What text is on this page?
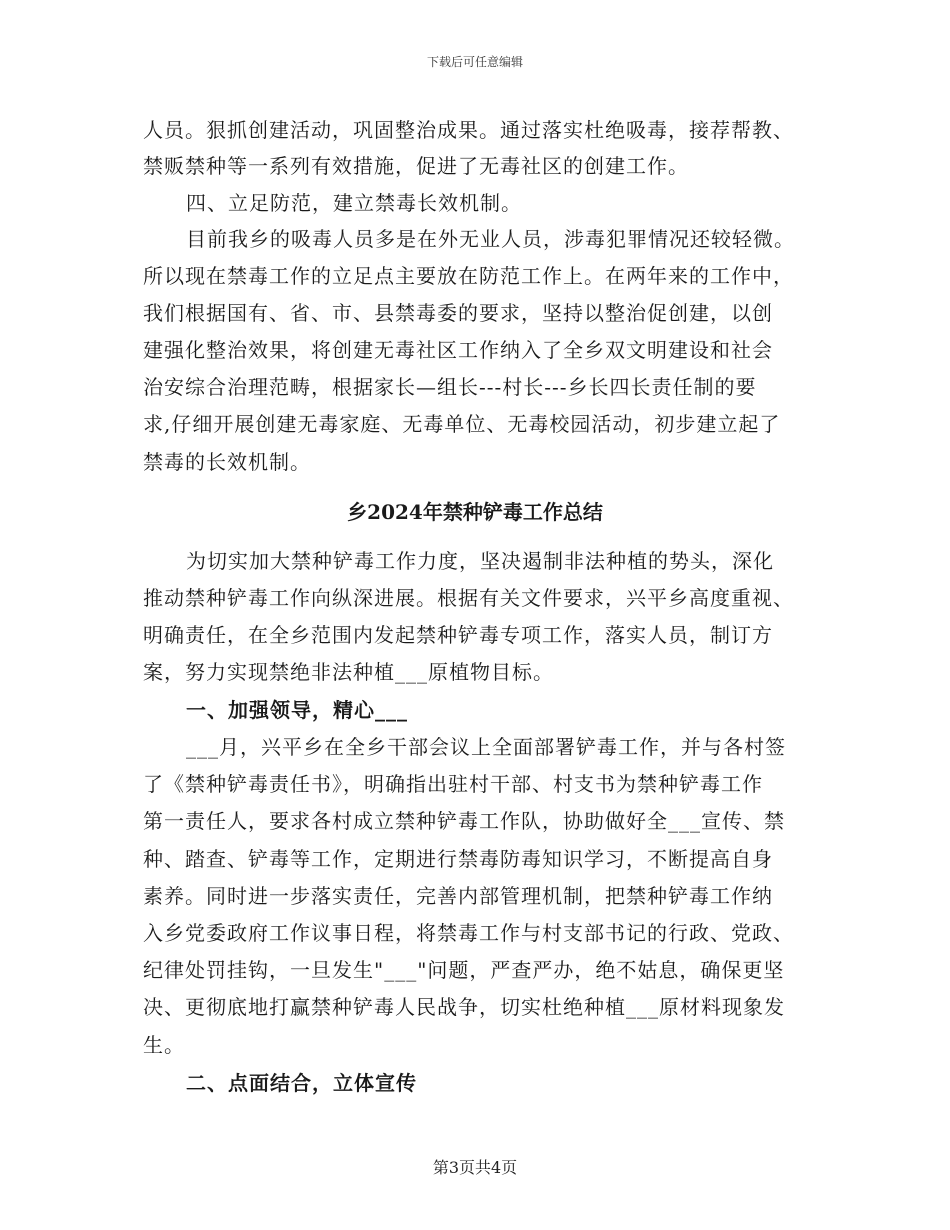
下载后可任意编辑
人员。狠抓创建活动，巩固整治成果。通过落实杜绝吸毒，接荐帮教、
禁贩禁种等一系列有效措施，促进了无毒社区的创建工作。
四、立足防范，建立禁毒长效机制。
目前我乡的吸毒人员多是在外无业人员，涉毒犯罪情况还较轻微。
所以现在禁毒工作的立足点主要放在防范工作上。在两年来的工作中，
我们根据国有、省、市、县禁毒委的要求，坚持以整治促创建，以创
建强化整治效果，将创建无毒社区工作纳入了全乡双文明建设和社会
治安综合治理范畴，根据家长—组长---村长---乡长四长责任制的要
求,仔细开展创建无毒家庭、无毒单位、无毒校园活动，初步建立起了
禁毒的长效机制。
乡2024年禁种铲毒工作总结
为切实加大禁种铲毒工作力度，坚决遏制非法种植的势头，深化
推动禁种铲毒工作向纵深进展。根据有关文件要求，兴平乡高度重视、
明确责任，在全乡范围内发起禁种铲毒专项工作，落实人员，制订方
案，努力实现禁绝非法种植___原植物目标。
一、加强领导，精心___
___月，兴平乡在全乡干部会议上全面部署铲毒工作，并与各村签
了《禁种铲毒责任书》，明确指出驻村干部、村支书为禁种铲毒工作
第一责任人，要求各村成立禁种铲毒工作队，协助做好全___宣传、禁
种、踏查、铲毒等工作，定期进行禁毒防毒知识学习，不断提高自身
素养。同时进一步落实责任，完善内部管理机制，把禁种铲毒工作纳
入乡党委政府工作议事日程，将禁毒工作与村支部书记的行政、党政、
纪律处罚挂钩，一旦发生"___"问题，严查严办，绝不姑息，确保更坚
决、更彻底地打赢禁种铲毒人民战争，切实杜绝种植___原材料现象发
生。
二、点面结合，立体宣传
第3页共4页
